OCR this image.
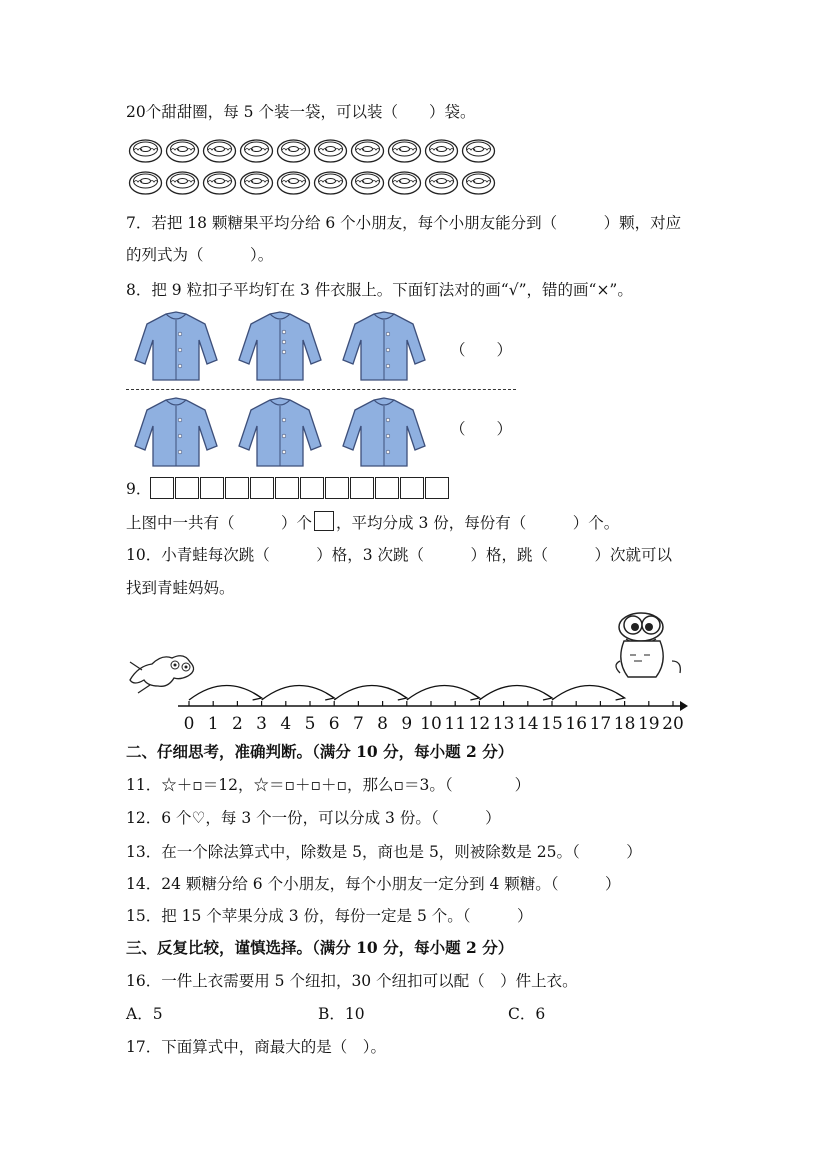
20个甜甜圈，每 5 个装一袋，可以装（　　）袋。
7．若把 18 颗糖果平均分给 6 个小朋友，每个小朋友能分到（　　　）颗，对应
的列式为（　　　）。
8．把 9 粒扣子平均钉在 3 件衣服上。下面钉法对的画“√”，错的画“×”。
（　　）
（　　）
9．
上图中一共有（　　　）个 ，平均分成 3 份，每份有（　　　）个。
10．小青蛙每次跳（　　　）格，3 次跳（　　　）格，跳（　　　）次就可以
找到青蛙妈妈。
0 1 2 3 4 5 6 7 8 9 10 11 12 13 14 15 16 17 18 19 20
二、仔细思考，准确判断。（满分 10 分，每小题 2 分）
11．☆＋▫＝12，☆＝▫＋▫＋▫，那么▫＝3。（　　　　）
12．6 个♡，每 3 个一份，可以分成 3 份。（　　　）
13．在一个除法算式中，除数是 5，商也是 5，则被除数是 25。（　　　）
14．24 颗糖分给 6 个小朋友，每个小朋友一定分到 4 颗糖。（　　　）
15．把 15 个苹果分成 3 份，每份一定是 5 个。（　　　）
三、反复比较，谨慎选择。（满分 10 分，每小题 2 分）
16．一件上衣需要用 5 个纽扣，30 个纽扣可以配（　）件上衣。
A．5	B．10	C．6
17．下面算式中，商最大的是（　）。
